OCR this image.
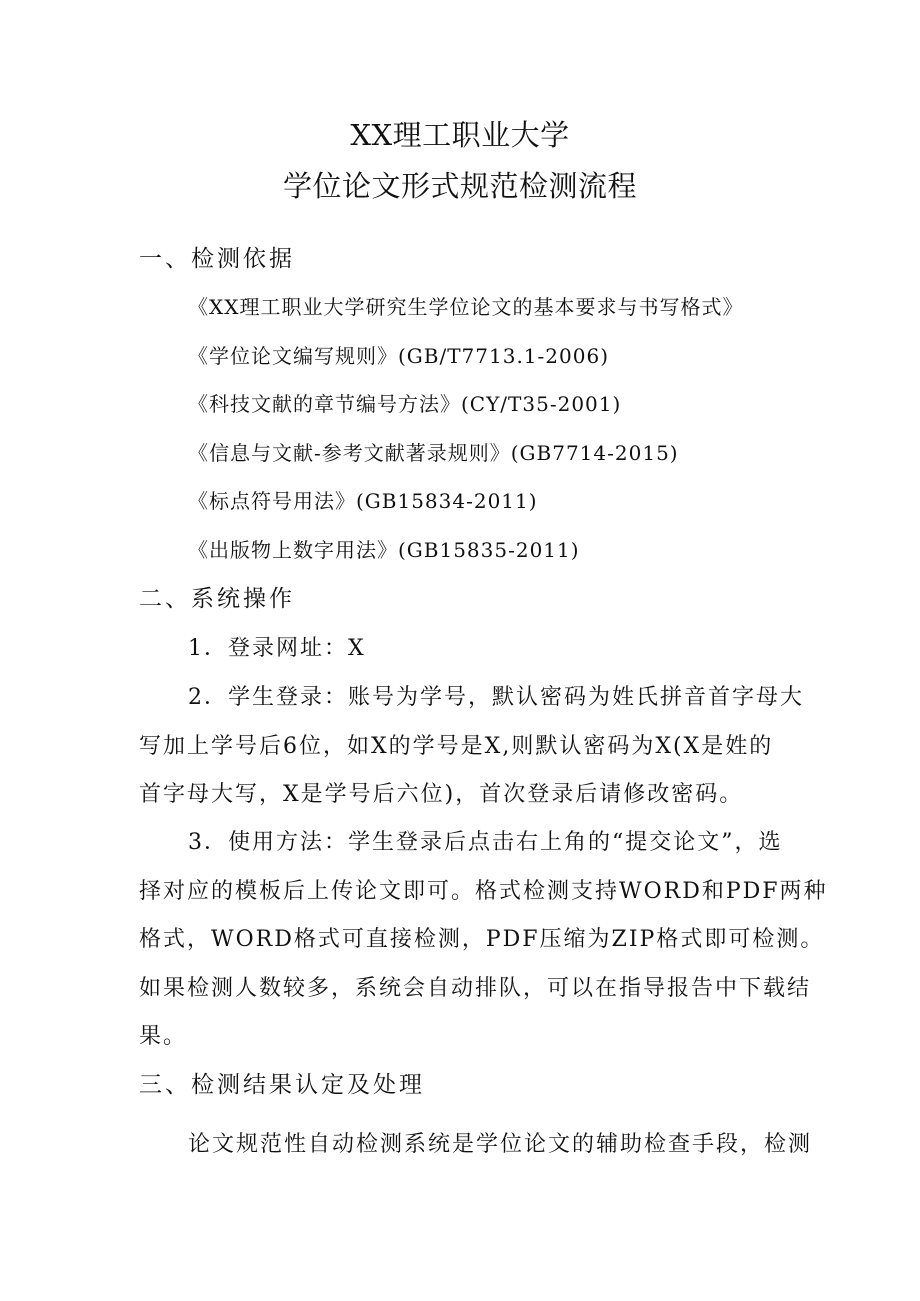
XX理工职业大学
学位论文形式规范检测流程
一、检测依据
《XX理工职业大学研究生学位论文的基本要求与书写格式》
《学位论文编写规则》(GB/T7713.1-2006)
《科技文献的章节编号方法》(CY/T35-2001)
《信息与文献-参考文献著录规则》(GB7714-2015)
《标点符号用法》(GB15834-2011)
《出版物上数字用法》(GB15835-2011)
二、系统操作
1．登录网址：X
2．学生登录：账号为学号，默认密码为姓氏拼音首字母大
写加上学号后6位，如X的学号是X,则默认密码为X(X是姓的
首字母大写，X是学号后六位)，首次登录后请修改密码。
3．使用方法：学生登录后点击右上角的“提交论文”，选
择对应的模板后上传论文即可。格式检测支持WORD和PDF两种
格式，WORD格式可直接检测，PDF压缩为ZIP格式即可检测。
如果检测人数较多，系统会自动排队，可以在指导报告中下载结
果。
三、检测结果认定及处理
论文规范性自动检测系统是学位论文的辅助检查手段，检测
